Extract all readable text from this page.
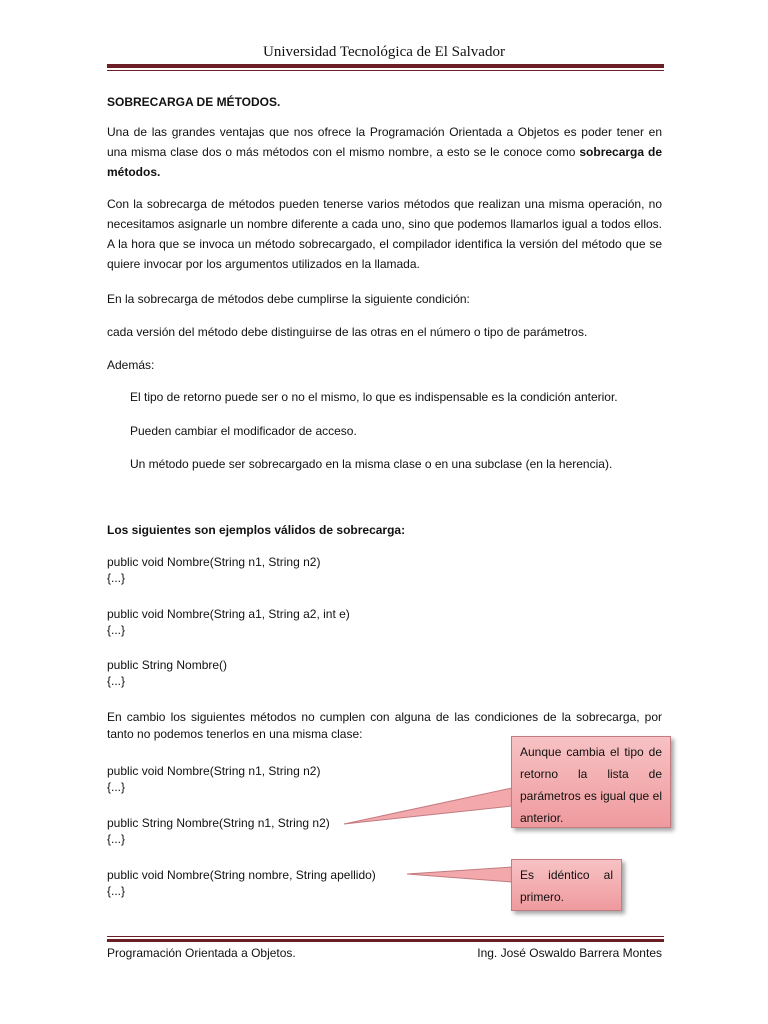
Universidad Tecnológica de El Salvador

SOBRECARGA DE MÉTODOS.

Una de las grandes ventajas que nos ofrece la Programación Orientada a Objetos es poder tener en una misma clase dos o más métodos con el mismo nombre, a esto se le conoce como sobrecarga de métodos.

Con la sobrecarga de métodos pueden tenerse varios métodos que realizan una misma operación, no necesitamos asignarle un nombre diferente a cada uno, sino que podemos llamarlos igual a todos ellos. A la hora que se invoca un método sobrecargado, el compilador identifica la versión del método que se quiere invocar por los argumentos utilizados en la llamada.

En la sobrecarga de métodos debe cumplirse la siguiente condición:

cada versión del método debe distinguirse de las otras en el número o tipo de parámetros.

Además:

El tipo de retorno puede ser o no el mismo, lo que es indispensable es la condición anterior.

Pueden cambiar el modificador de acceso.

Un método puede ser sobrecargado en la misma clase o en una subclase (en la herencia).

Los siguientes son ejemplos válidos de sobrecarga:

public void Nombre(String n1, String n2)
{...}
public void Nombre(String a1, String a2, int e)
{...}
public String Nombre()
{...}

En cambio los siguientes métodos no cumplen con alguna de las condiciones de la sobrecarga, por tanto no podemos tenerlos en una misma clase:

public void Nombre(String n1, String n2)
{...}
public String Nombre(String n1, String n2)
{...}
public void Nombre(String nombre, String apellido)
{...}
Aunque cambia el tipo de retorno la lista de parámetros es igual que el anterior.
Es idéntico al primero.
Programación Orientada a Objetos.	Ing. José Oswaldo Barrera Montes
